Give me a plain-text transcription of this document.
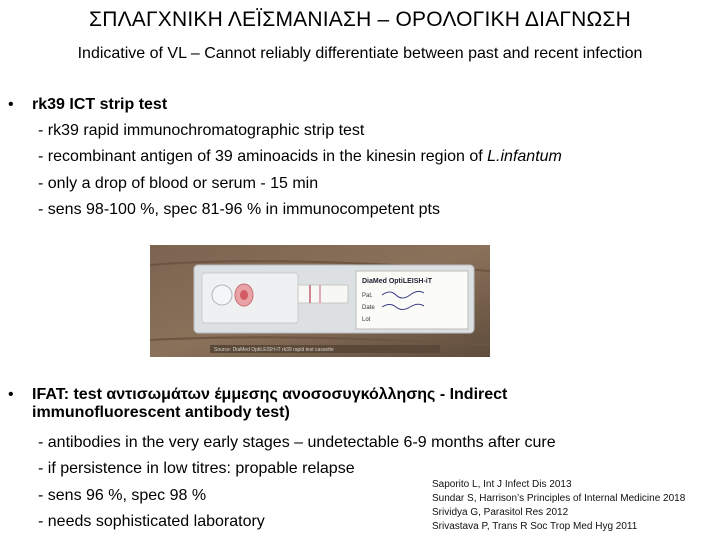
ΣΠΛΑΓΧΝΙΚΗ ΛΕΪΣΜΑΝΙΑΣΗ – ΟΡΟΛΟΓΙΚΗ ΔΙΑΓΝΩΣΗ
Indicative of VL – Cannot reliably differentiate between past and recent infection
• rk39 ICT strip test
- rk39 rapid immunochromatographic strip test
- recombinant antigen of 39 aminoacids in the kinesin region of L.infantum
- only a drop of blood or serum - 15 min
- sens 98-100 %, spec 81-96 % in immunocompetent pts
DiaMed OptiLEISH-iT
Pat.
Date
Lot
Source: DiaMed OptiLEISH-iT rk39 rapid test cassette
• IFAT: test αντισωμάτων έμμεσης ανοσοσυγκόλλησης - Indirect immunofluorescent antibody test)
- antibodies in the very early stages – undetectable 6-9 months after cure
- if persistence in low titres: propable relapse
- sens 96 %, spec 98 %
- needs sophisticated laboratory
Saporito L, Int J Infect Dis 2013
Sundar S, Harrison’s Principles of Internal Medicine 2018
Srividya G, Parasitol Res 2012
Srivastava P, Trans R Soc Trop Med Hyg 2011
